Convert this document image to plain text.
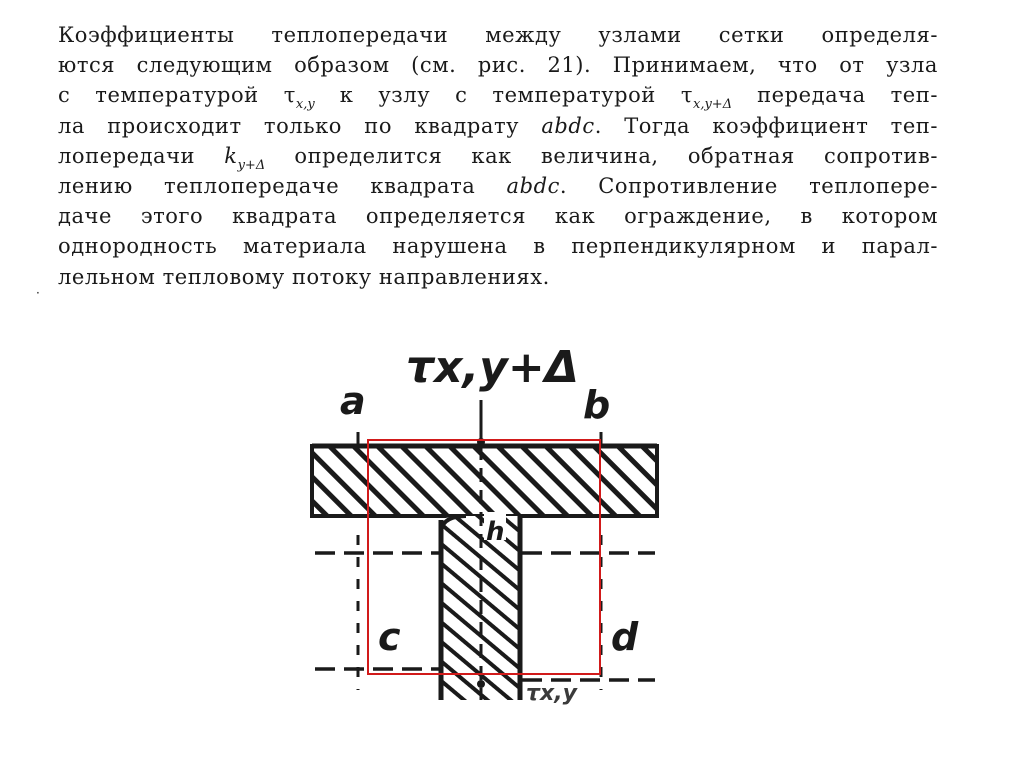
Коэффициенты теплопередачи между узлами сетки определя-
ются следующим образом (см. рис. 21). Принимаем, что от узла
с температурой $\tau_{x,y}$ к узлу с температурой $\tau_{x,y+\Delta}$ передача теп-
ла происходит только по квадрату abdc. Тогда коэффициент теп-
лопередачи $k_{y+\Delta}$ определится как величина, обратная сопротив-
лению теплопередаче квадрата abdc. Сопротивление теплопере-
даче этого квадрата определяется как ограждение, в котором
однородность материала нарушена в перпендикулярном и парал-
лельном тепловому потоку направлениях.
·
τx,y+Δ
a	b
c	d
h
τx,y
